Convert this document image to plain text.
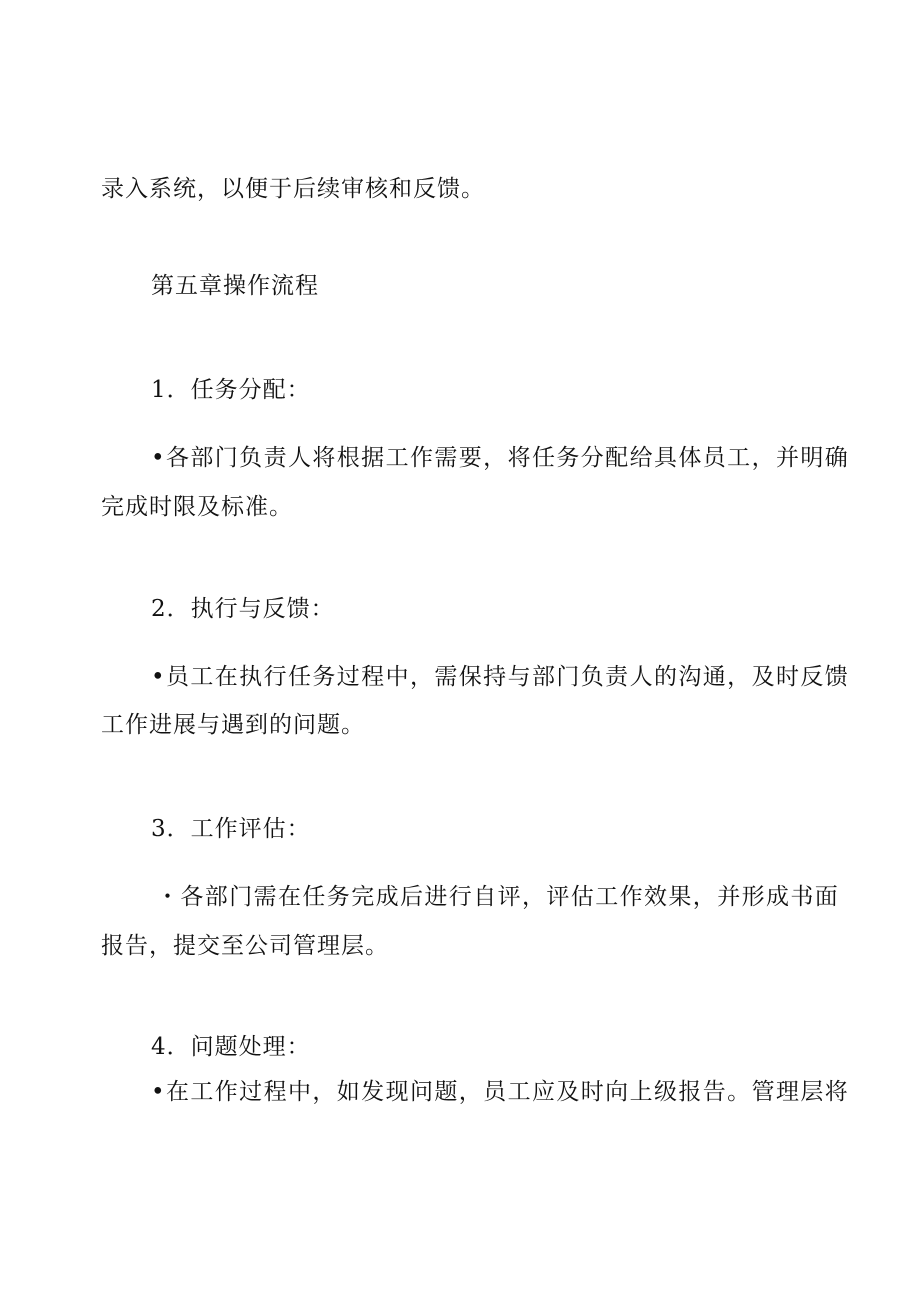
录入系统，以便于后续审核和反馈。

第五章操作流程

1．任务分配：

•各部门负责人将根据工作需要，将任务分配给具体员工，并明确

完成时限及标准。

2．执行与反馈：

•员工在执行任务过程中，需保持与部门负责人的沟通，及时反馈

工作进展与遇到的问题。

3．工作评估：

・各部门需在任务完成后进行自评，评估工作效果，并形成书面

报告，提交至公司管理层。

4．问题处理：

•在工作过程中，如发现问题，员工应及时向上级报告。管理层将
